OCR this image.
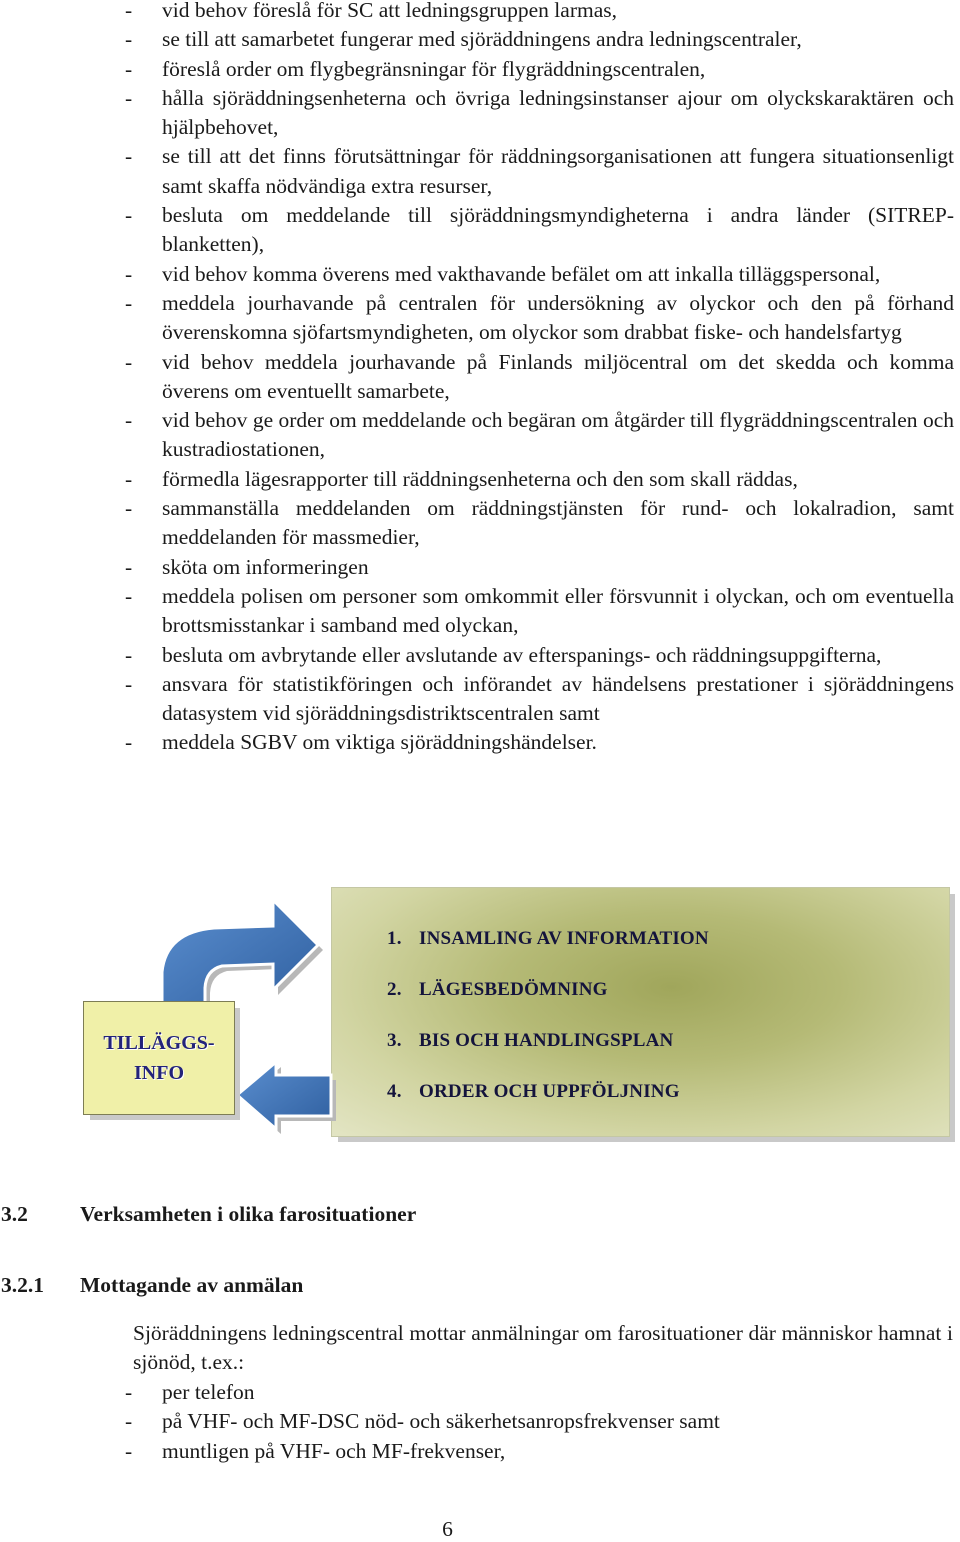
- vid behov föreslå för SC att ledningsgruppen larmas,
- se till att samarbetet fungerar med sjöräddningens andra ledningscentraler,
- föreslå order om flygbegränsningar för flygräddningscentralen,
- hålla sjöräddningsenheterna och övriga ledningsinstanser ajour om olyckskaraktären och hjälpbehovet,
- se till att det finns förutsättningar för räddningsorganisationen att fungera situationsenligt samt skaffa nödvändiga extra resurser,
- besluta om meddelande till sjöräddningsmyndigheterna i andra länder (SITREP-blanketten),
- vid behov komma överens med vakthavande befälet om att inkalla tilläggspersonal,
- meddela jourhavande på centralen för undersökning av olyckor och den på förhand överenskomna sjöfartsmyndigheten, om olyckor som drabbat fiske- och handelsfartyg
- vid behov meddela jourhavande på Finlands miljöcentral om det skedda och komma överens om eventuellt samarbete,
- vid behov ge order om meddelande och begäran om åtgärder till flygräddningscentralen och kustradiostationen,
- förmedla lägesrapporter till räddningsenheterna och den som skall räddas,
- sammanställa meddelanden om räddningstjänsten för rund- och lokalradion, samt meddelanden för massmedier,
- sköta om informeringen
- meddela polisen om personer som omkommit eller försvunnit i olyckan, och om eventuella brottsmisstankar i samband med olyckan,
- besluta om avbrytande eller avslutande av efterspanings- och räddningsuppgifterna,
- ansvara för statistikföringen och införandet av händelsens prestationer i sjöräddningens datasystem vid sjöräddningsdistriktscentralen samt
- meddela SGBV om viktiga sjöräddningshändelser.
1. INSAMLING AV INFORMATION
2. LÄGESBEDÖMNING
3. BIS OCH HANDLINGSPLAN
4. ORDER OCH UPPFÖLJNING
TILLÄGGS-
INFO
3.2 Verksamheten i olika farosituationer
3.2.1 Mottagande av anmälan

Sjöräddningens ledningscentral mottar anmälningar om farosituationer där människor hamnat i sjönöd, t.ex.:

- per telefon
- på VHF- och MF-DSC nöd- och säkerhetsanropsfrekvenser samt
- muntligen på VHF- och MF-frekvenser,
6
